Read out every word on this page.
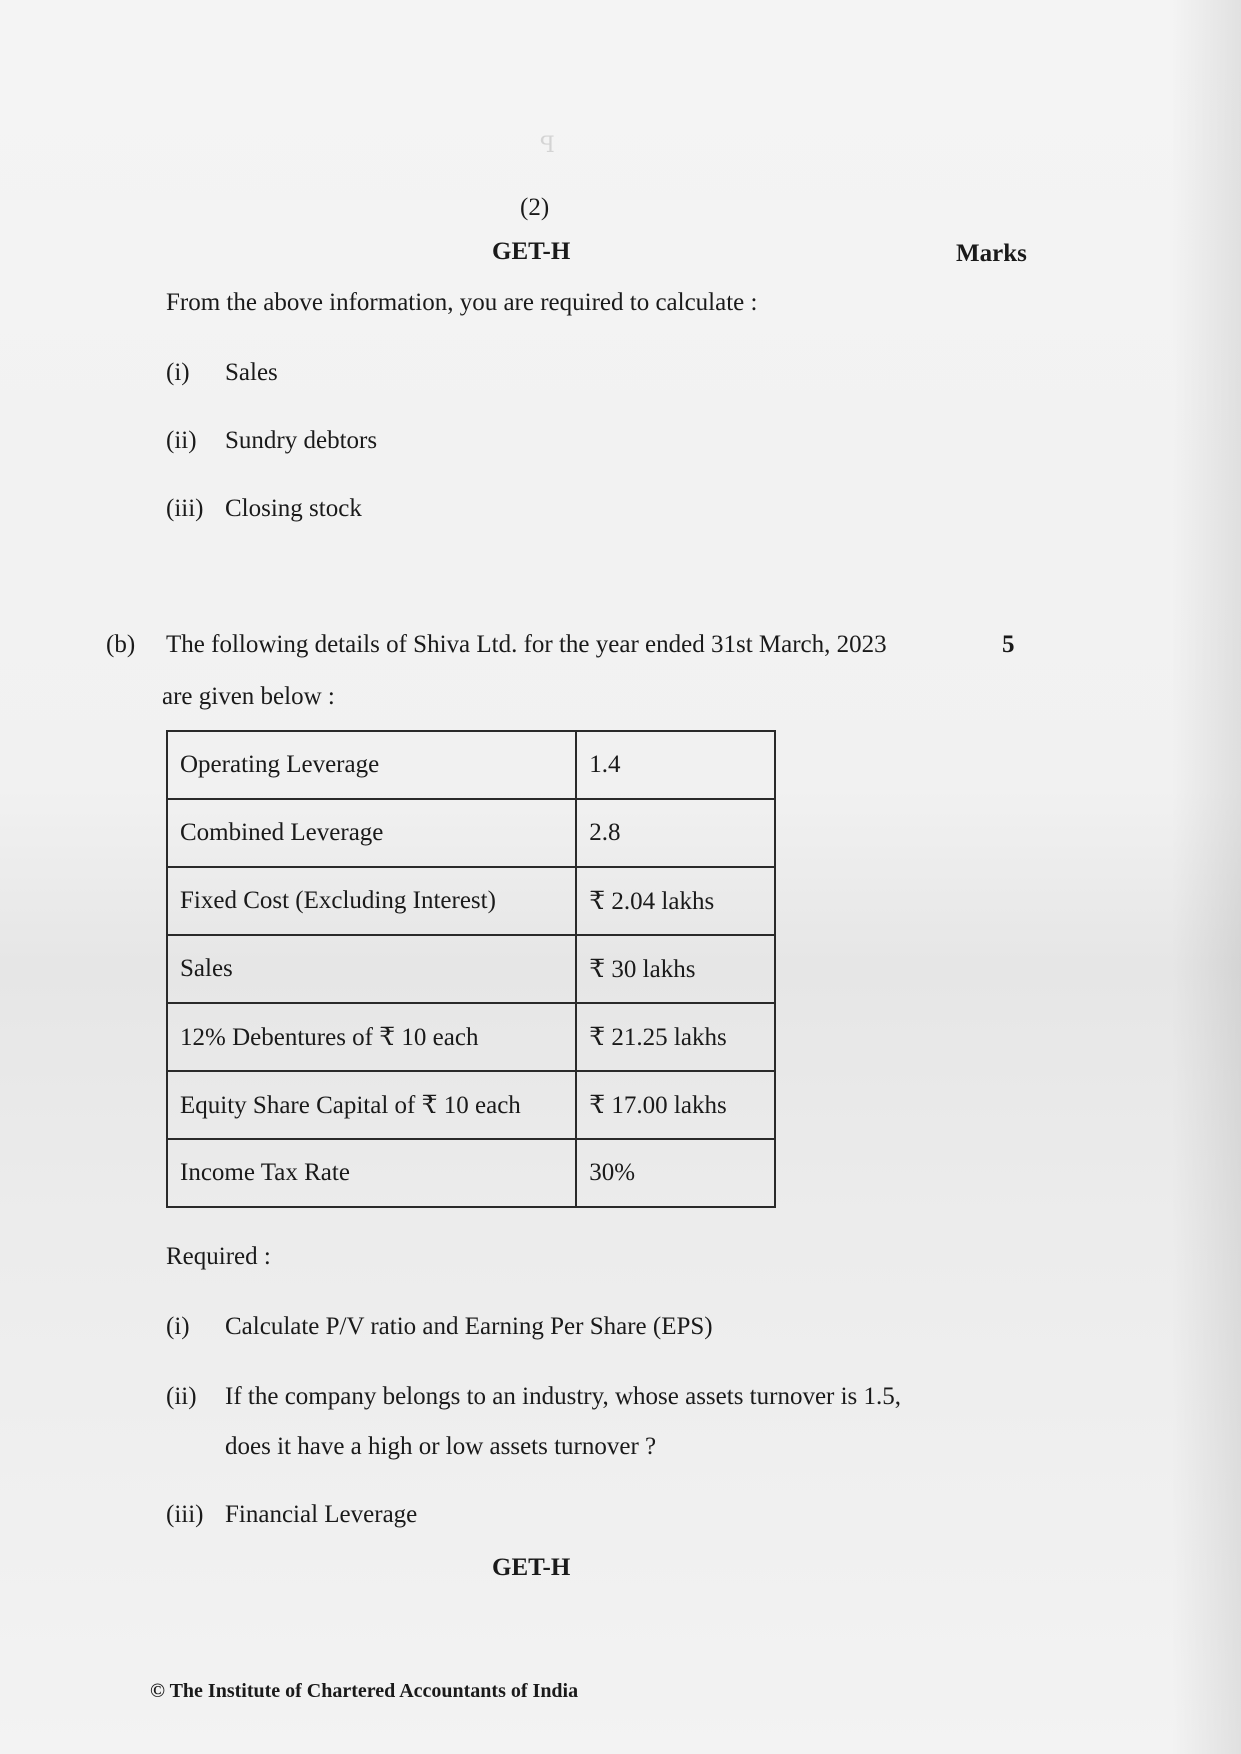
ꟼ
(2)
GET-H	Marks
From the above information, you are required to calculate :
(i) Sales
(ii) Sundry debtors
(iii) Closing stock
(b) The following details of Shiva Ltd. for the year ended 31st March, 2023	5
are given below :
Operating Leverage	1.4
Combined Leverage	2.8
Fixed Cost (Excluding Interest)	₹ 2.04 lakhs
Sales	₹ 30 lakhs
12% Debentures of ₹ 10 each	₹ 21.25 lakhs
Equity Share Capital of ₹ 10 each	₹ 17.00 lakhs
Income Tax Rate	30%
Required :
(i) Calculate P/V ratio and Earning Per Share (EPS)
(ii) If the company belongs to an industry, whose assets turnover is 1.5,
does it have a high or low assets turnover ?
(iii) Financial Leverage
GET-H
© The Institute of Chartered Accountants of India
